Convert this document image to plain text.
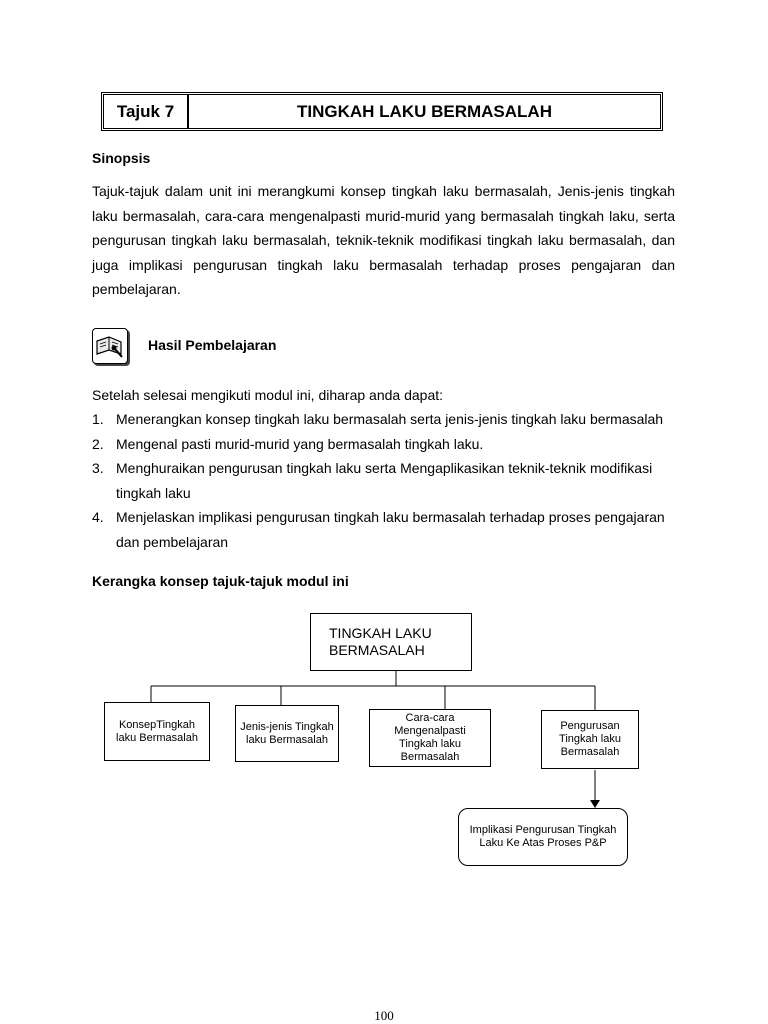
Tajuk 7	TINGKAH LAKU BERMASALAH
Sinopsis
Tajuk-tajuk dalam unit ini merangkumi konsep tingkah laku bermasalah, Jenis-jenis tingkah laku bermasalah, cara-cara mengenalpasti murid-murid yang bermasalah tingkah laku, serta pengurusan tingkah laku bermasalah, teknik-teknik modifikasi tingkah laku bermasalah, dan juga implikasi pengurusan tingkah laku bermasalah terhadap proses pengajaran dan pembelajaran.
Hasil Pembelajaran
Setelah selesai mengikuti modul ini, diharap anda dapat:
1. Menerangkan konsep tingkah laku bermasalah serta jenis-jenis tingkah laku bermasalah
2. Mengenal pasti murid-murid yang bermasalah tingkah laku.
3. Menghuraikan pengurusan tingkah laku serta Mengaplikasikan teknik-teknik modifikasi tingkah laku
4. Menjelaskan implikasi pengurusan tingkah laku bermasalah terhadap proses pengajaran dan pembelajaran
Kerangka konsep tajuk-tajuk modul ini
TINGKAH LAKU
BERMASALAH
KonsepTingkah
laku Bermasalah
Jenis-jenis Tingkah
laku Bermasalah
Cara-cara
Mengenalpasti
Tingkah laku
Bermasalah
Pengurusan
Tingkah laku
Bermasalah
Implikasi Pengurusan Tingkah
Laku Ke Atas Proses P&P
100
